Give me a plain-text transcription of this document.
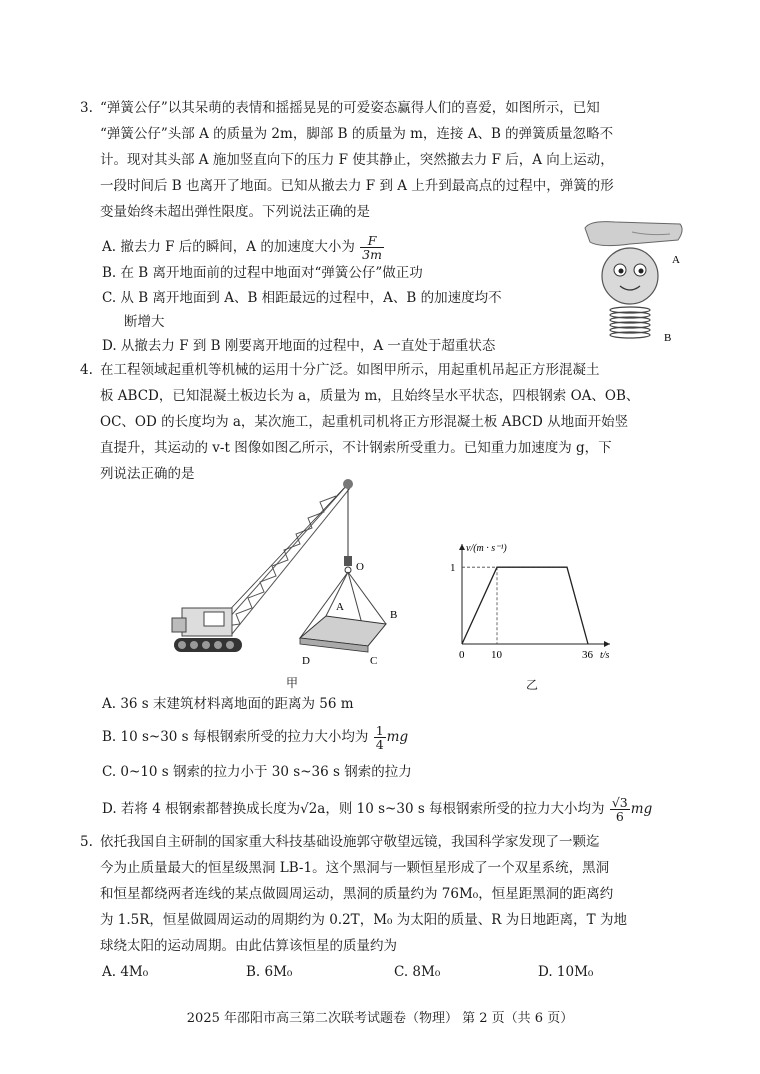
3. “弹簧公仔”以其呆萌的表情和摇摇晃晃的可爱姿态赢得人们的喜爱，如图所示，已知
“弹簧公仔”头部 A 的质量为 2m，脚部 B 的质量为 m，连接 A、B 的弹簧质量忽略不
计。现对其头部 A 施加竖直向下的压力 F 使其静止，突然撤去力 F 后，A 向上运动，
一段时间后 B 也离开了地面。已知从撤去力 F 到 A 上升到最高点的过程中，弹簧的形
变量始终未超出弹性限度。下列说法正确的是
A. 撤去力 F 后的瞬间，A 的加速度大小为 $\frac{F}{3m}$
B. 在 B 离开地面前的过程中地面对“弹簧公仔”做正功
C. 从 B 离开地面到 A、B 相距最远的过程中，A、B 的加速度均不
断增大
D. 从撤去力 F 到 B 刚要离开地面的过程中，A 一直处于超重状态
A
B
4. 在工程领域起重机等机械的运用十分广泛。如图甲所示，用起重机吊起正方形混凝土
板 ABCD，已知混凝土板边长为 a，质量为 m，且始终呈水平状态，四根钢索 OA、OB、
OC、OD 的长度均为 a，某次施工，起重机司机将正方形混凝土板 ABCD 从地面开始竖
直提升，其运动的 v-t 图像如图乙所示，不计钢索所受重力。已知重力加速度为 g，下
列说法正确的是
O
A
B
C
D
甲
v/(m · s⁻¹)
t/s
0 10	36
1
乙
A. 36 s 末建筑材料离地面的距离为 56 m
B. 10 s~30 s 每根钢索所受的拉力大小均为 $\frac{1}{4}$ mg
C. 0~10 s 钢索的拉力小于 30 s~36 s 钢索的拉力
D. 若将 4 根钢索都替换成长度为√2a，则 10 s~30 s 每根钢索所受的拉力大小均为 $\frac{√3}{6}$ mg
5. 依托我国自主研制的国家重大科技基础设施郭守敬望远镜，我国科学家发现了一颗迄
今为止质量最大的恒星级黑洞 LB-1。这个黑洞与一颗恒星形成了一个双星系统，黑洞
和恒星都绕两者连线的某点做圆周运动，黑洞的质量约为 76M₀，恒星距黑洞的距离约
为 1.5R，恒星做圆周运动的周期约为 0.2T，M₀ 为太阳的质量、R 为日地距离，T 为地
球绕太阳的运动周期。由此估算该恒星的质量约为
A. 4M₀	B. 6M₀	C. 8M₀	D. 10M₀
2025 年邵阳市高三第二次联考试题卷（物理） 第 2 页（共 6 页）
